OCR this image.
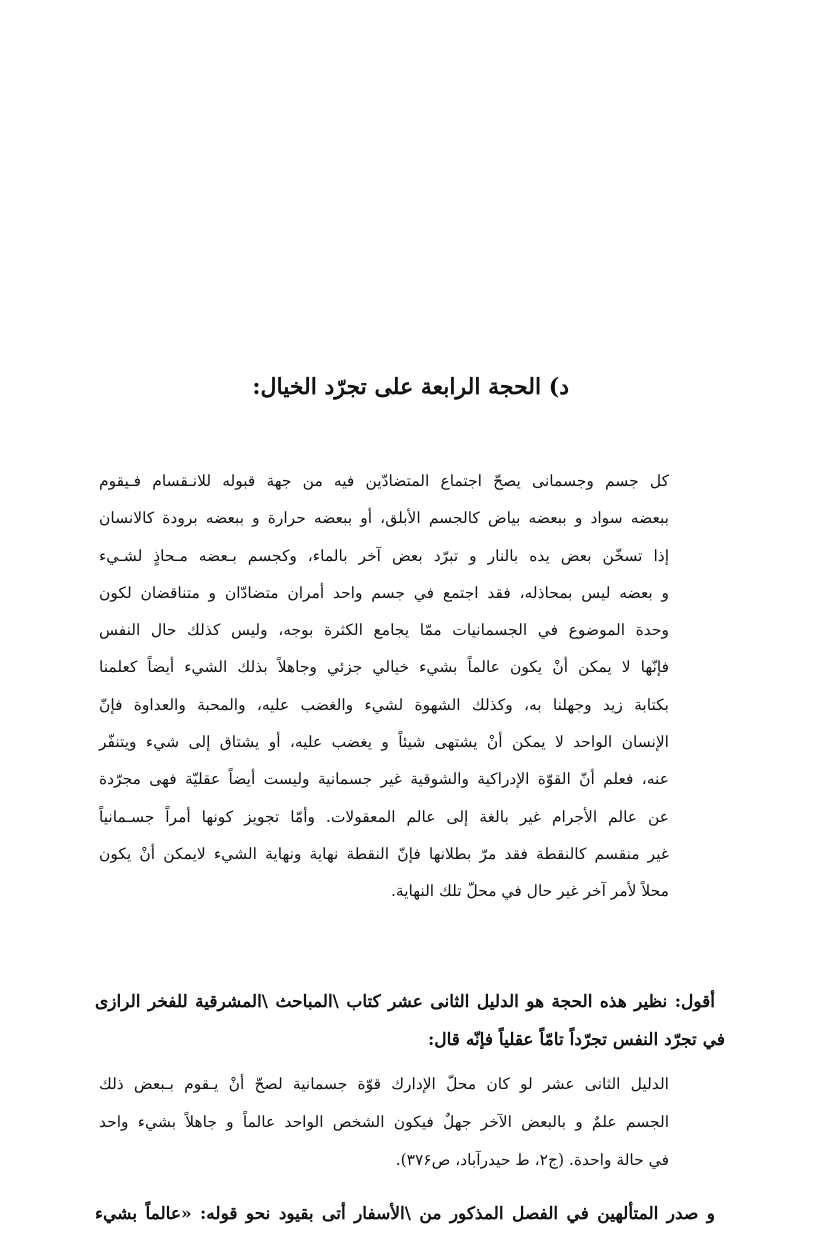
د) الحجة الرابعة على تجرّد الخيال:
كل جسم وجسمانى يصحّ اجتماع المتضادّين فيه من جهة قبوله للانـقسام فـيقوم
ببعضه سواد و ببعضه بياض كالجسم الأبلق، أو ببعضه حرارة و ببعضه برودة كالانسان
إذا تسخّن بعض يده بالنار و تبرّد بعض آخر بالماء، وكجسم بـعضه مـحاذٍ لشـيء
و بعضه ليس بمحاذله، فقد اجتمع في جسم واحد أمران متضادّان و متناقضان لكون
وحدة الموضوع في الجسمانيات ممّا يجامع الكثرة بوجه، وليس كذلك حال النفس
فإنّها لا يمكن أنْ يكون عالماً بشيء خيالي جزئي وجاهلاً بذلك الشيء أيضاً كعلمنا
بكتابة زيد وجهلنا به، وكذلك الشهوة لشيء والغضب عليه، والمحبة والعداوة فإنّ
الإنسان الواحد لا يمكن أنْ يشتهى شيئاً و يغضب عليه، أو يشتاق إلى شيء ويتنفّر
عنه، فعلم أنّ القوّة الإدراكية والشوقية غير جسمانية وليست أيضاً عقليّة فهى مجرّدة
عن عالم الأجرام غير بالغة إلى عالم المعقولات. وأمّا تجويز كونها أمراً جسـمانياً
غير منقسم كالنقطة فقد مرّ بطلانها فإنّ النقطة نهاية ونهاية الشيء لايمكن أنْ يكون
محلاً لأمر آخر غير حال في محلّ تلك النهاية.
أقول: نظير هذه الحجة هو الدليل الثانى عشر كتاب \المباحث \المشرقية للفخر الرازى
في تجرّد النفس تجرّداً تامّاً عقلياً فإنّه قال:
الدليل الثانى عشر لو كان محلّ الإدارك قوّة جسمانية لصحّ أنْ يـقوم بـبعض ذلك
الجسم علمٌ و بالبعض الآخر جهلٌ فيكون الشخص الواحد عالماً و جاهلاً بشيء واحد
في حالة واحدة. (ج۲، ط حيدرآباد، ص۳۷۶).
و صدر المتألهين في الفصل المذكور من \الأسفار أتى بقيود نحو قوله: «عالماً بشيء
